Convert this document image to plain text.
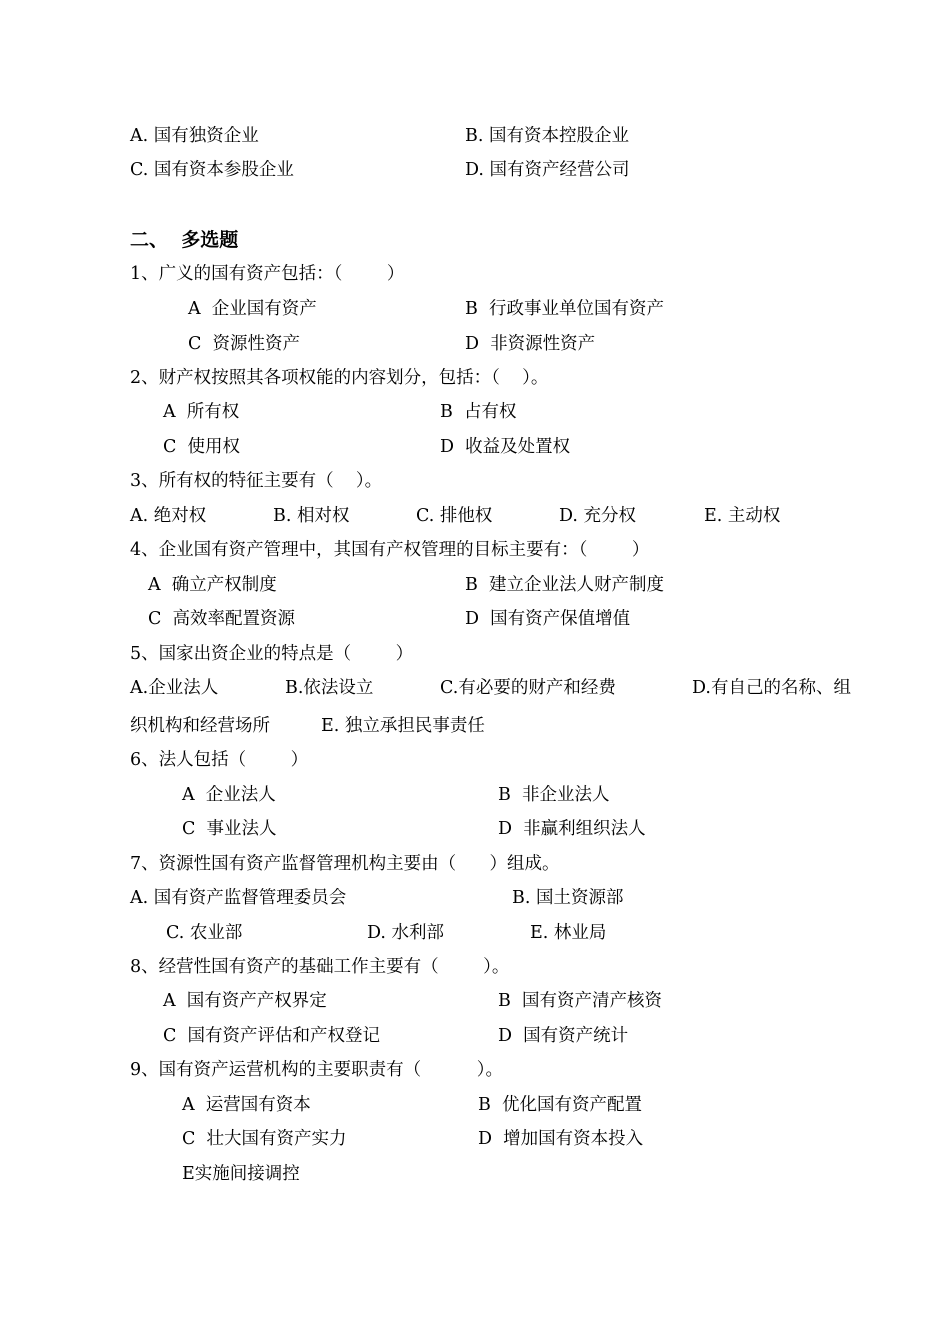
A. 国有独资企业	B. 国有资本控股企业
C. 国有资本参股企业	D. 国有资产经营公司
二、  多选题
1、广义的国有资产包括：（        ）
A  企业国有资产	B  行政事业单位国有资产
C  资源性资产	D  非资源性资产
2、财产权按照其各项权能的内容划分，包括：（    ）。
A  所有权	B  占有权
C  使用权	D  收益及处置权
3、所有权的特征主要有（    ）。
A. 绝对权	B. 相对权	C. 排他权	D. 充分权	E. 主动权
4、企业国有资产管理中，其国有产权管理的目标主要有：（        ）
A  确立产权制度	B  建立企业法人财产制度
C  高效率配置资源	D  国有资产保值增值
5、国家出资企业的特点是（        ）
A.企业法人	B.依法设立	C.有必要的财产和经费	D.有自己的名称、组
织机构和经营场所	E. 独立承担民事责任
6、法人包括（        ）
A  企业法人	B  非企业法人
C  事业法人	D  非赢利组织法人
7、资源性国有资产监督管理机构主要由（      ）组成。
A. 国有资产监督管理委员会	B. 国土资源部
C. 农业部	D. 水利部	E. 林业局
8、经营性国有资产的基础工作主要有（        ）。
A  国有资产产权界定	B  国有资产清产核资
C  国有资产评估和产权登记	D  国有资产统计
9、国有资产运营机构的主要职责有（          ）。
A  运营国有资本	B  优化国有资产配置
C  壮大国有资产实力	D  增加国有资本投入
E实施间接调控
